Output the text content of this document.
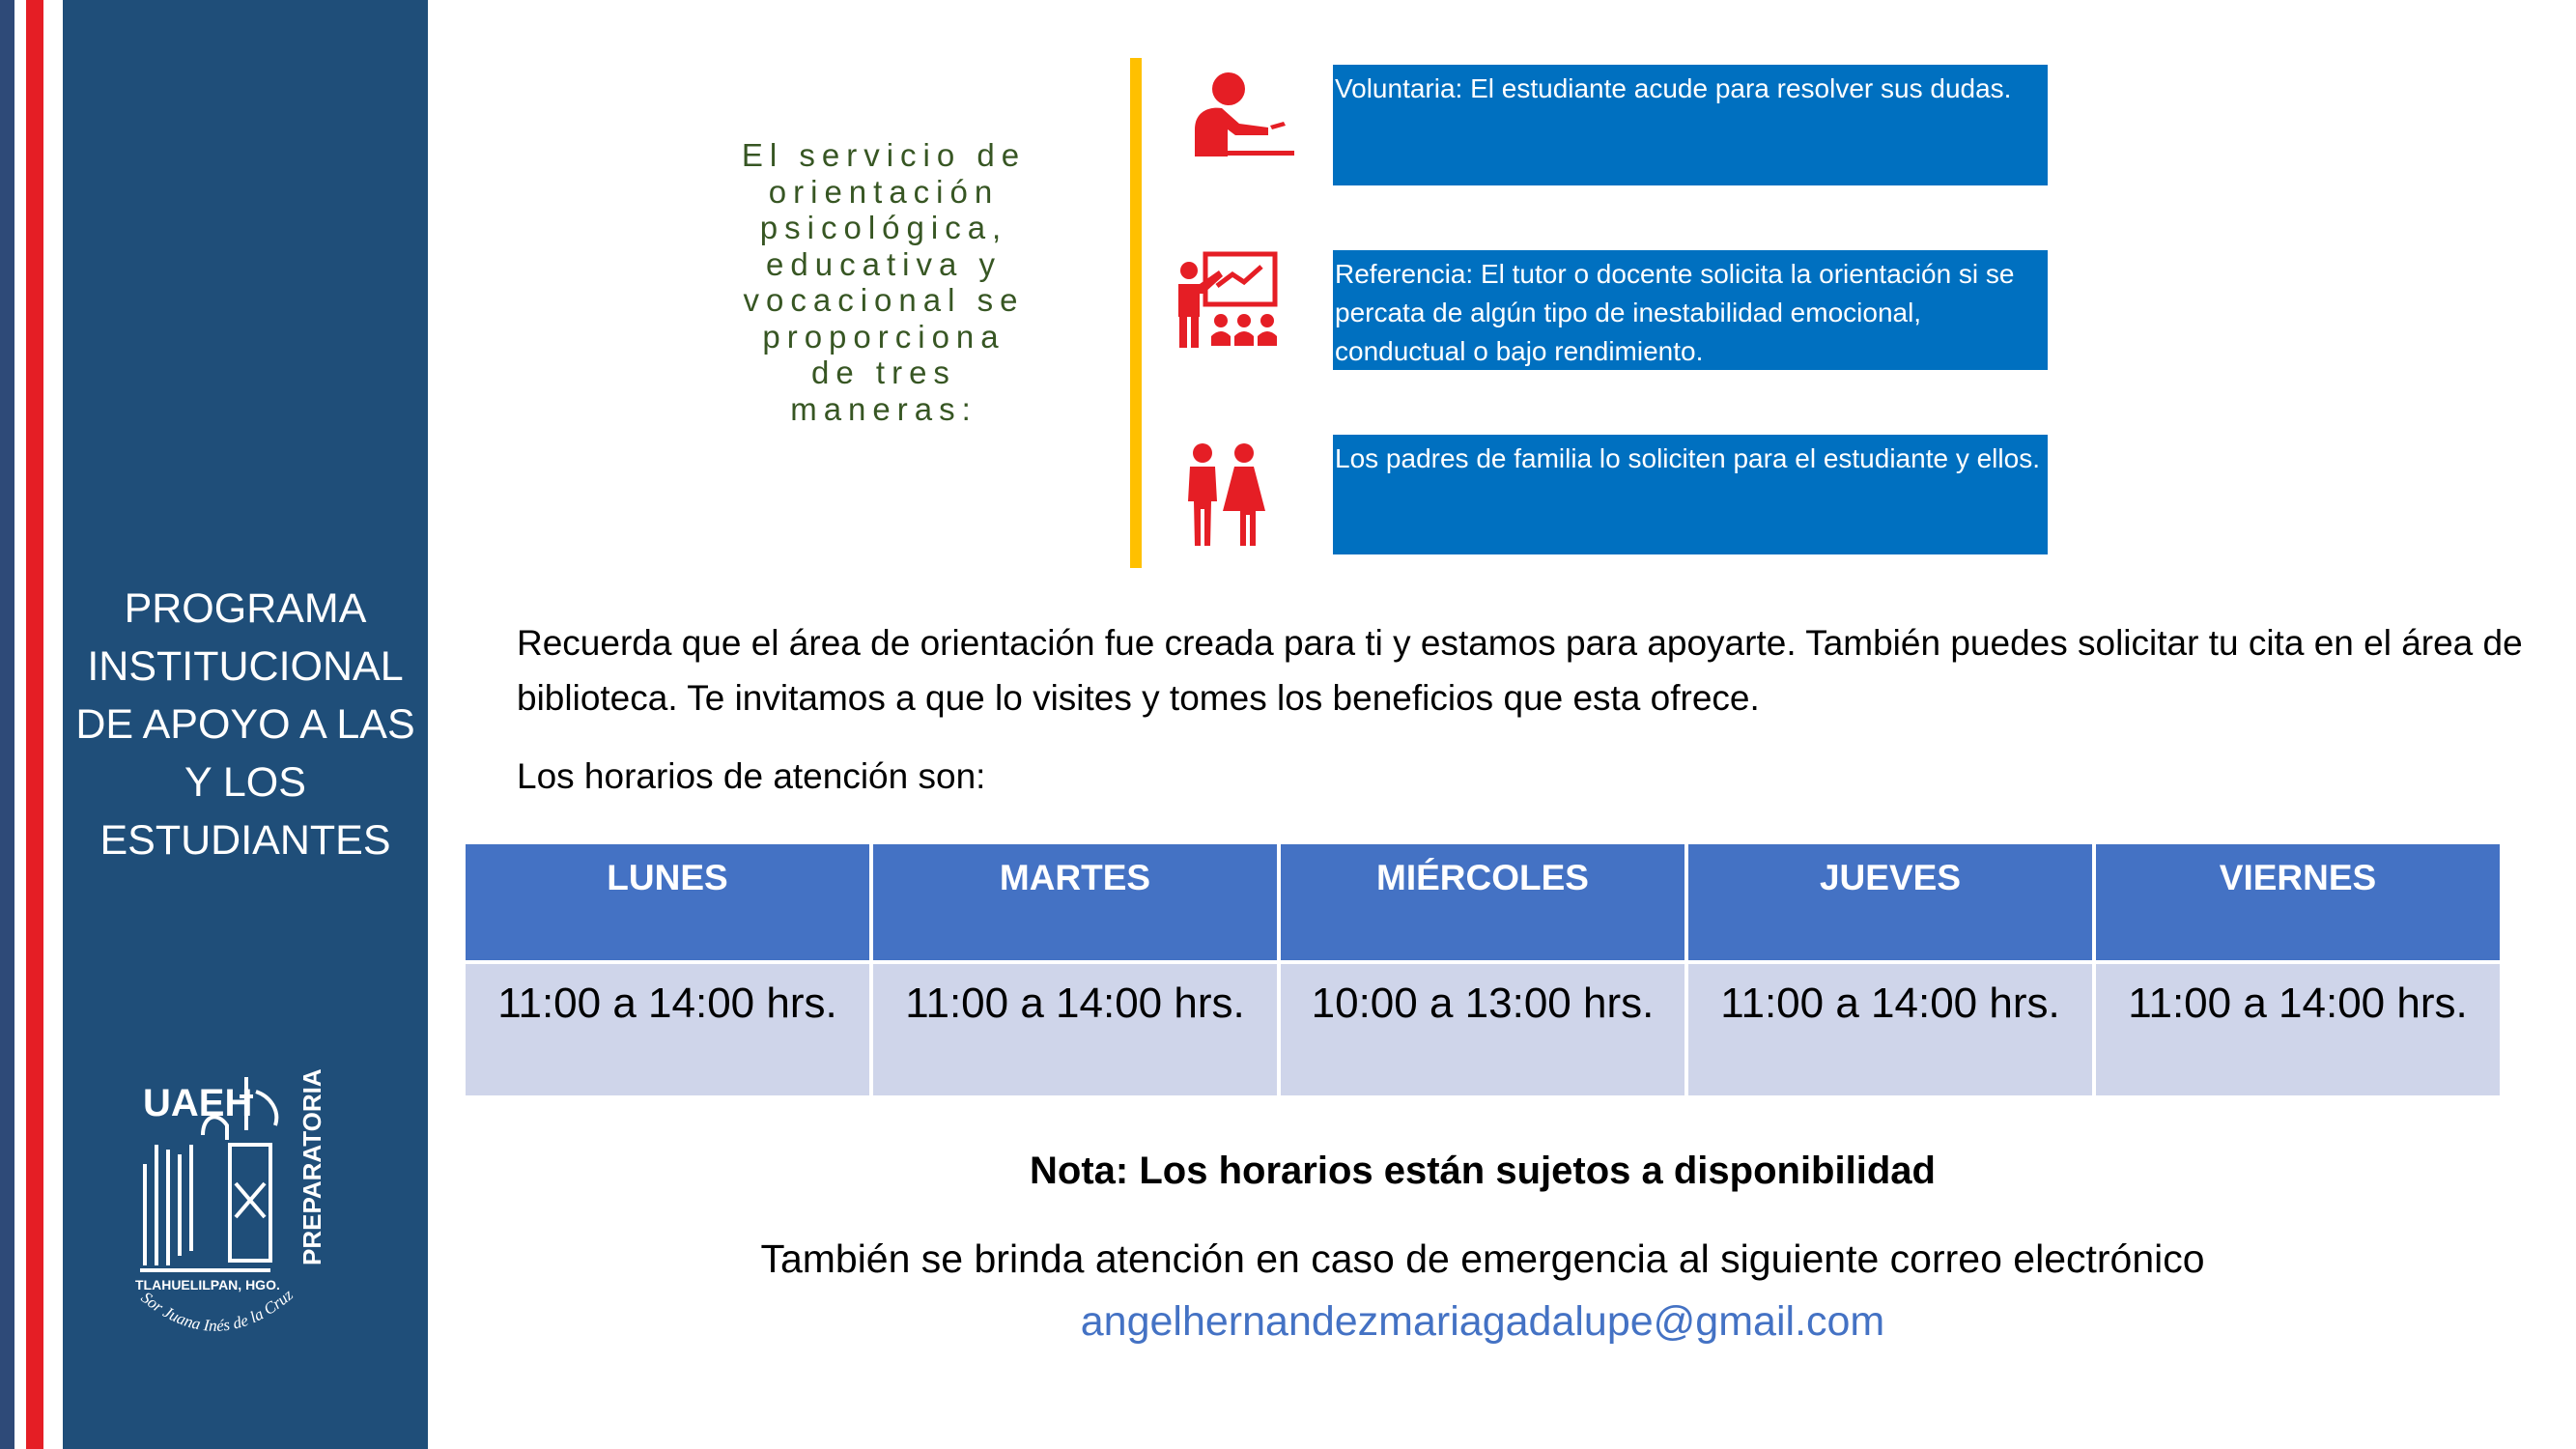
PROGRAMA
INSTITUCIONAL
DE APOYO A LAS
Y LOS
ESTUDIANTES
UAEH PREPARATORIA
TLAHUELILPAN, HGO.
Sor Juana Inés de la Cruz
El servicio de
orientación
psicológica,
educativa y
vocacional se
proporciona
de tres
maneras:
Voluntaria: El estudiante acude para resolver sus dudas.
Referencia: El tutor o docente solicita la orientación si se percata de algún tipo de inestabilidad emocional, conductual o bajo rendimiento.
Los padres de familia lo soliciten para el estudiante y ellos.
Recuerda que el área de orientación fue creada para ti y estamos para apoyarte. También puedes solicitar tu cita en el área de biblioteca. Te invitamos a que lo visites y tomes los beneficios que esta ofrece.
Los horarios de atención son:
LUNES	MARTES	MIÉRCOLES	JUEVES	VIERNES
11:00 a 14:00 hrs.	11:00 a 14:00 hrs.	10:00 a 13:00 hrs.	11:00 a 14:00 hrs.	11:00 a 14:00 hrs.
Nota: Los horarios están sujetos a disponibilidad
También se brinda atención en caso de emergencia al siguiente correo electrónico
angelhernandezmariagadalupe@gmail.com
